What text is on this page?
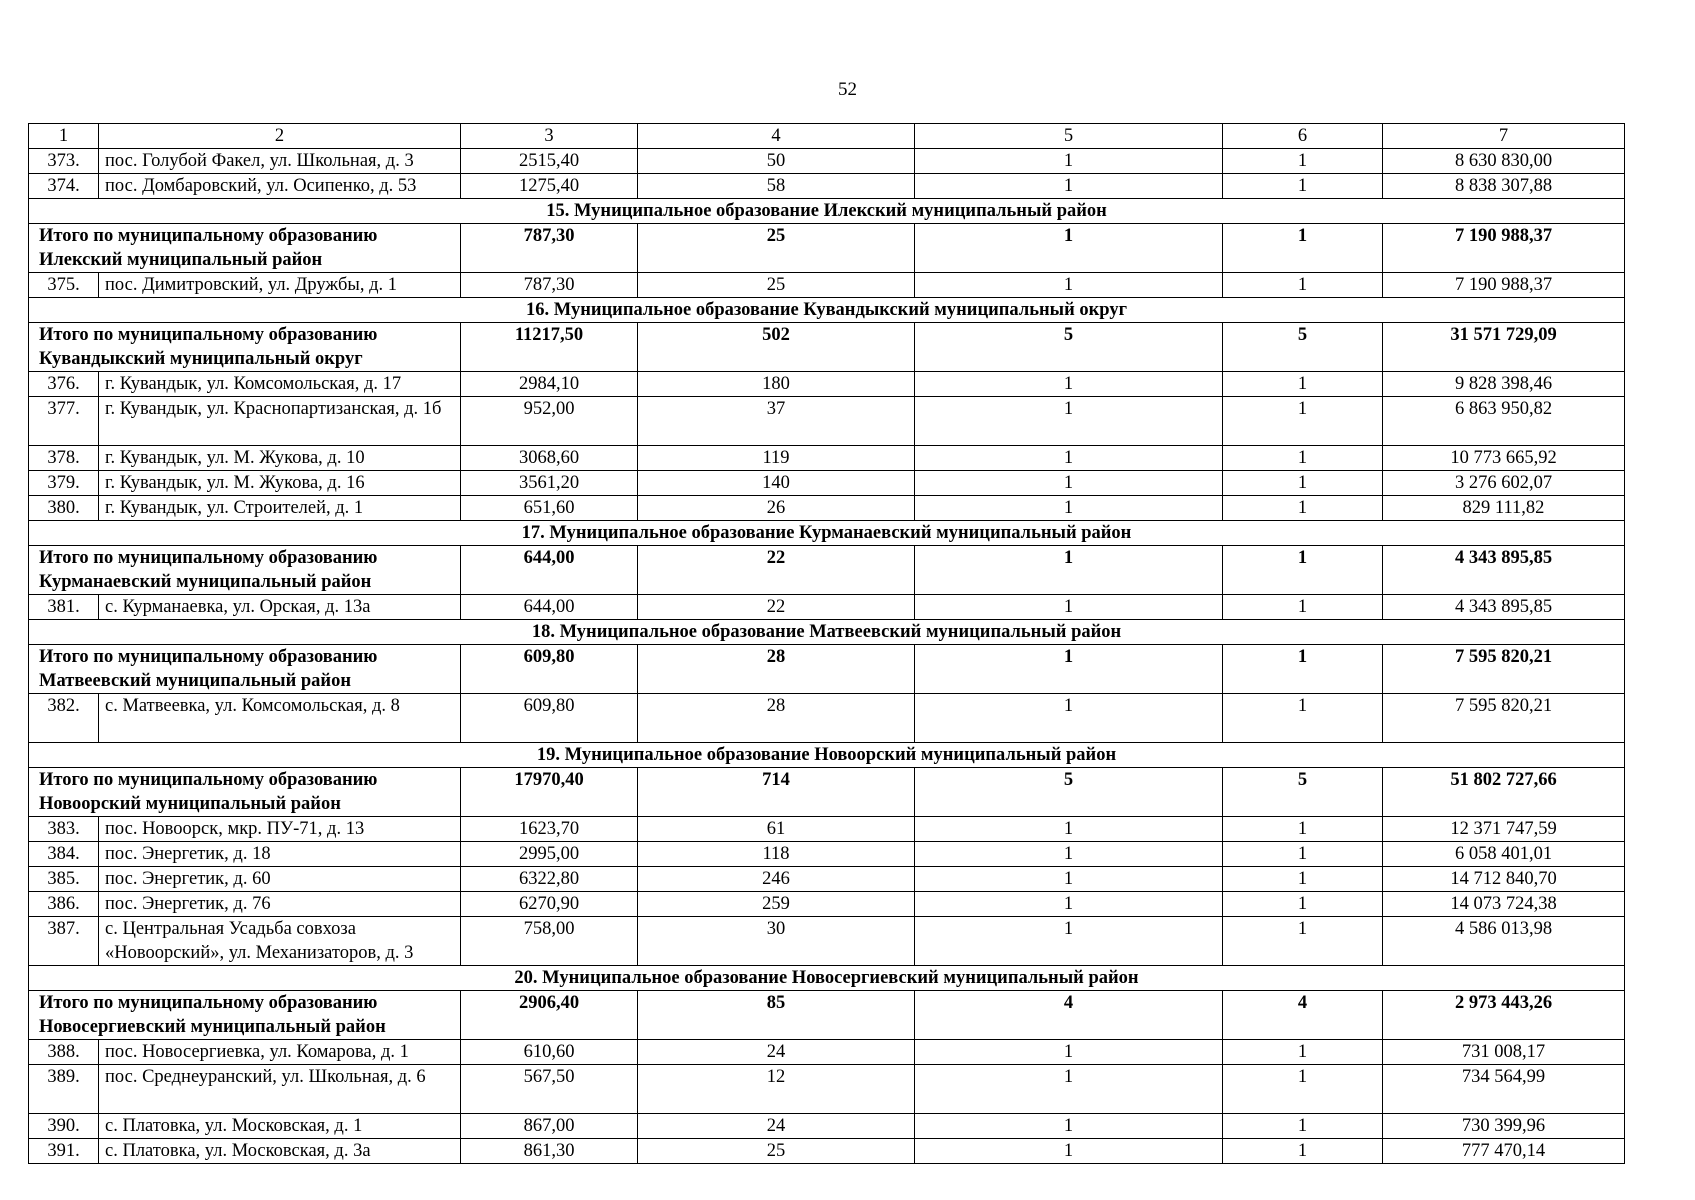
52
1	2	3	4	5	6	7
373.	пос. Голубой Факел, ул. Школьная, д. 3	2515,40	50	1	1	8 630 830,00
374.	пос. Домбаровский, ул. Осипенко, д. 53	1275,40	58	1	1	8 838 307,88
15. Муниципальное образование Илекский муниципальный район						
Итого по муниципальному образованию Илекский муниципальный район		787,30	25	1	1	7 190 988,37
375.	пос. Димитровский, ул. Дружбы, д. 1	787,30	25	1	1	7 190 988,37
16. Муниципальное образование Кувандыкский муниципальный округ						
Итого по муниципальному образованию Кувандыкский муниципальный округ		11217,50	502	5	5	31 571 729,09
376.	г. Кувандык, ул. Комсомольская, д. 17	2984,10	180	1	1	9 828 398,46
377.	г. Кувандык, ул. Краснопартизанская, д. 1б	952,00	37	1	1	6 863 950,82
378.	г. Кувандык, ул. М. Жукова, д. 10	3068,60	119	1	1	10 773 665,92
379.	г. Кувандык, ул. М. Жукова, д. 16	3561,20	140	1	1	3 276 602,07
380.	г. Кувандык, ул. Строителей, д. 1	651,60	26	1	1	829 111,82
17. Муниципальное образование Курманаевский муниципальный район						
Итого по муниципальному образованию Курманаевский муниципальный район		644,00	22	1	1	4 343 895,85
381.	с. Курманаевка, ул. Орская, д. 13а	644,00	22	1	1	4 343 895,85
18. Муниципальное образование Матвеевский муниципальный район						
Итого по муниципальному образованию Матвеевский муниципальный район		609,80	28	1	1	7 595 820,21
382.	с. Матвеевка, ул. Комсомольская, д. 8	609,80	28	1	1	7 595 820,21
19. Муниципальное образование Новоорский муниципальный район						
Итого по муниципальному образованию Новоорский муниципальный район		17970,40	714	5	5	51 802 727,66
383.	пос. Новоорск, мкр. ПУ-71, д. 13	1623,70	61	1	1	12 371 747,59
384.	пос. Энергетик, д. 18	2995,00	118	1	1	6 058 401,01
385.	пос. Энергетик, д. 60	6322,80	246	1	1	14 712 840,70
386.	пос. Энергетик, д. 76	6270,90	259	1	1	14 073 724,38
387.	с. Центральная Усадьба совхоза «Новоорский», ул. Механизаторов, д. 3	758,00	30	1	1	4 586 013,98
20. Муниципальное образование Новосергиевский муниципальный район						
Итого по муниципальному образованию Новосергиевский муниципальный район		2906,40	85	4	4	2 973 443,26
388.	пос. Новосергиевка, ул. Комарова, д. 1	610,60	24	1	1	731 008,17
389.	пос. Среднеуранский, ул. Школьная, д. 6	567,50	12	1	1	734 564,99
390.	с. Платовка, ул. Московская, д. 1	867,00	24	1	1	730 399,96
391.	с. Платовка, ул. Московская, д. 3а	861,30	25	1	1	777 470,14
